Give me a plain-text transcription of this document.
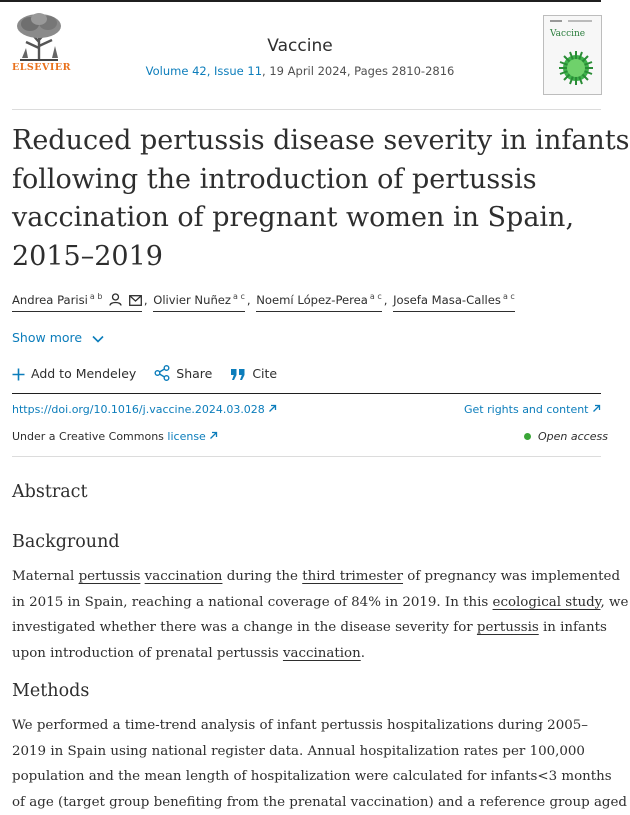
ELSEVIER
Vaccine
Volume 42, Issue 11, 19 April 2024, Pages 2810-2816
Vaccine
Reduced pertussis disease severity in infants
following the introduction of pertussis
vaccination of pregnant women in Spain,
2015–2019
Andrea Parisi $^{a b}$	, Olivier Nuñez $^{a c}$ , Noemí López-Perea $^{a c}$ , Josefa Masa-Calles $^{a c}$
Show more
Add to Mendeley	Share	Cite
https://doi.org/10.1016/j.vaccine.2024.03.028	Get rights and content
Under a Creative Commons license	Open access
Abstract
Background
Maternal pertussis vaccination during the third trimester of pregnancy was implemented
in 2015 in Spain, reaching a national coverage of 84% in 2019. In this ecological study, we
investigated whether there was a change in the disease severity for pertussis in infants
upon introduction of prenatal pertussis vaccination.
Methods
We performed a time-trend analysis of infant pertussis hospitalizations during 2005–
2019 in Spain using national register data. Annual hospitalization rates per 100,000
population and the mean length of hospitalization were calculated for infants<3 months
of age (target group benefiting from the prenatal vaccination) and a reference group aged
